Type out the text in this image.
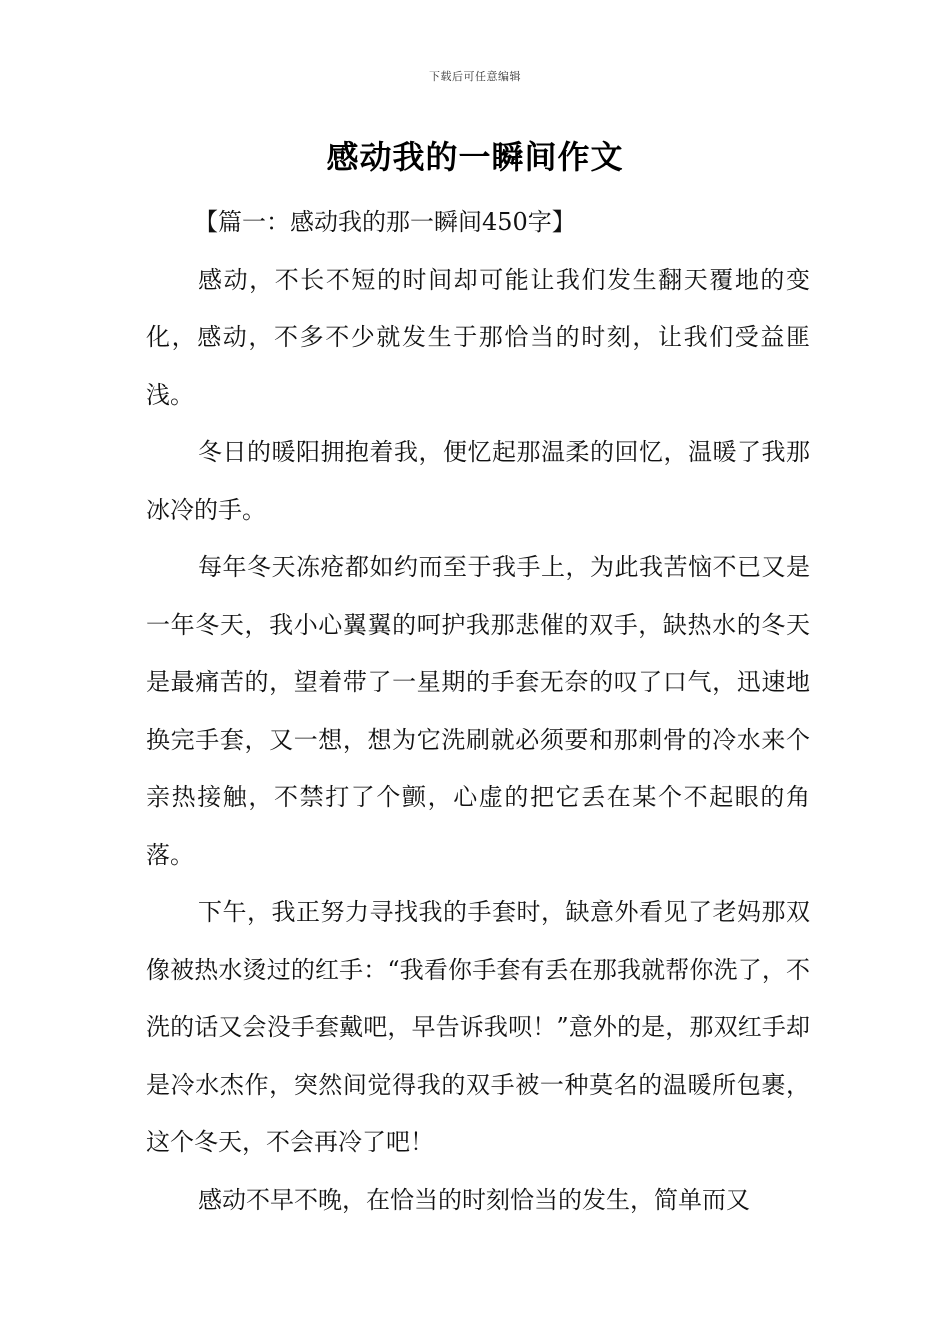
下载后可任意编辑
感动我的一瞬间作文

【篇一：感动我的那一瞬间450字】

感动，不长不短的时间却可能让我们发生翻天覆地的变化，感动，不多不少就发生于那恰当的时刻，让我们受益匪浅。

冬日的暖阳拥抱着我，便忆起那温柔的回忆，温暖了我那冰冷的手。

每年冬天冻疮都如约而至于我手上，为此我苦恼不已又是一年冬天，我小心翼翼的呵护我那悲催的双手，缺热水的冬天是最痛苦的，望着带了一星期的手套无奈的叹了口气，迅速地换完手套，又一想，想为它洗刷就必须要和那刺骨的冷水来个亲热接触，不禁打了个颤，心虚的把它丢在某个不起眼的角落。

下午，我正努力寻找我的手套时，缺意外看见了老妈那双像被热水烫过的红手：“我看你手套有丢在那我就帮你洗了，不洗的话又会没手套戴吧，早告诉我呗！”意外的是，那双红手却是冷水杰作，突然间觉得我的双手被一种莫名的温暖所包裹，这个冬天，不会再冷了吧！

感动不早不晚，在恰当的时刻恰当的发生，简单而又
